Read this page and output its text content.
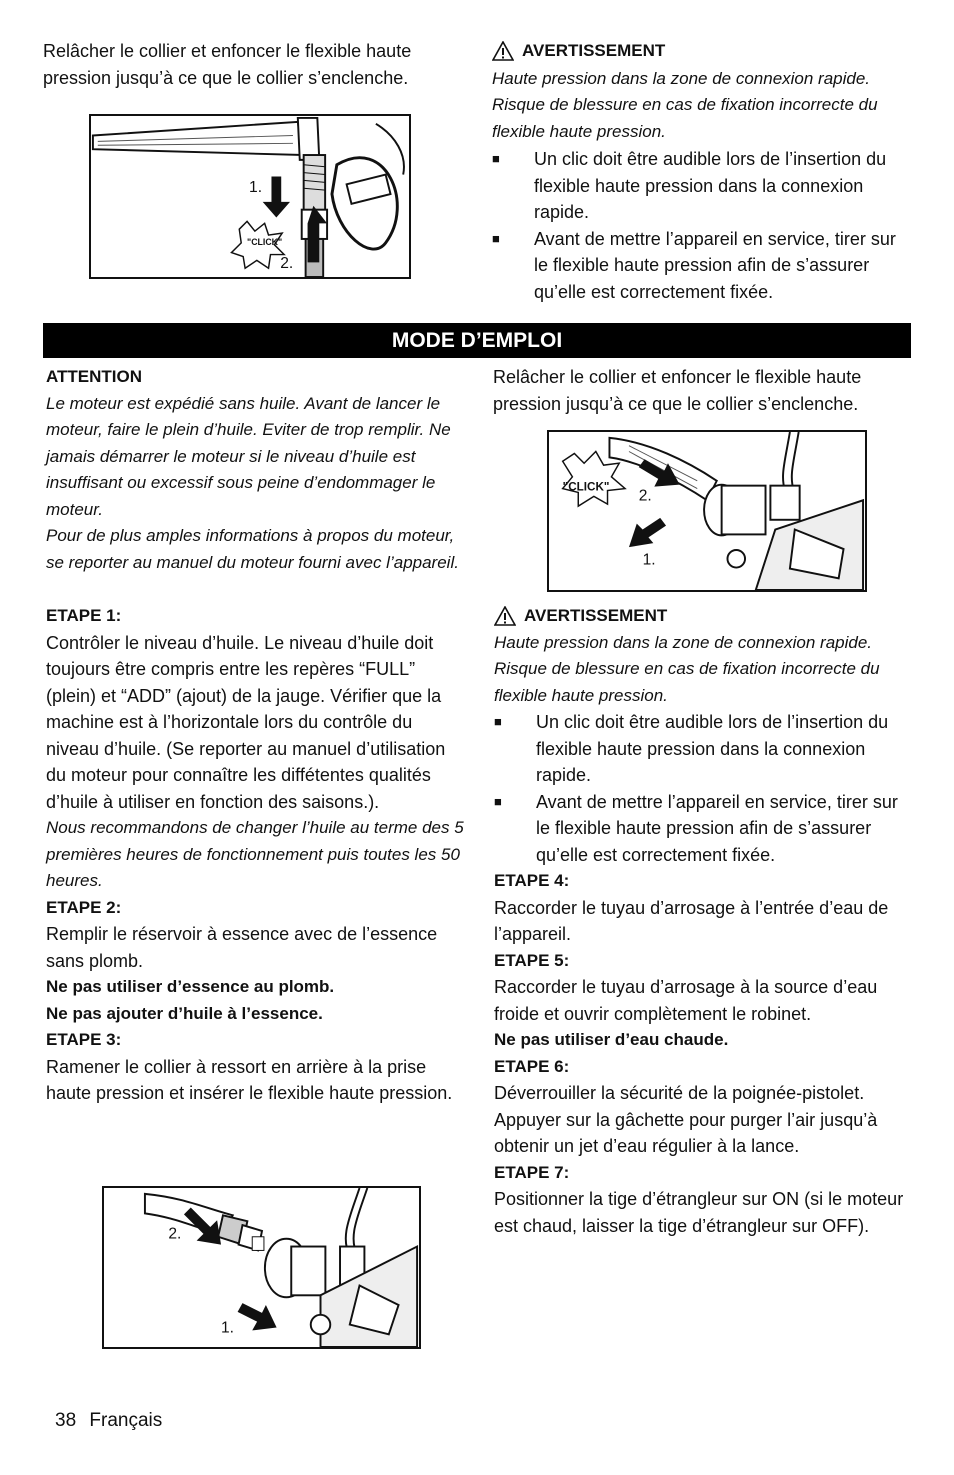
Relâcher le collier et enfoncer le flexible haute pression jusqu’à ce que le collier s’enclenche.

"CLICK"
1.
2.
AVERTISSEMENT

Haute pression dans la zone de connexion rapide. Risque de blessure en cas de fixation incorrecte du flexible haute pression.

■	Un clic doit être audible lors de l’insertion du flexible haute pression dans la connexion rapide.
■	Avant de mettre l’appareil en service, tirer sur le flexible haute pression afin de s’assurer qu’elle est correctement fixée.
MODE D’EMPLOI

ATTENTION

Le moteur est expédié sans huile. Avant de lancer le moteur, faire le plein d’huile. Eviter de trop remplir. Ne jamais démarrer le moteur si le niveau d’huile est insuffisant ou excessif sous peine d’endommager le moteur.

Pour de plus amples informations à propos du moteur, se reporter au manuel du moteur fourni avec l’appareil.

ETAPE 1:

Contrôler le niveau d’huile. Le niveau d’huile doit toujours être compris entre les repères “FULL” (plein) et “ADD” (ajout) de la jauge. Vérifier que la machine est à l’horizontale lors du contrôle du niveau d’huile. (Se reporter au manuel d’utilisation du moteur pour connaître les diffétentes qualités d’huile à utiliser en fonction des saisons.).

Nous recommandons de changer l’huile au terme des 5 premières heures de fonctionnement puis toutes les 50 heures.

ETAPE 2:

Remplir le réservoir à essence avec de l’essence sans plomb.

Ne pas utiliser d’essence au plomb.

Ne pas ajouter d’huile à l’essence.

ETAPE 3:

Ramener le collier à ressort en arrière à la prise haute pression et insérer le flexible haute pression.

2.
1.

Relâcher le collier et enfoncer le flexible haute pression jusqu’à ce que le collier s’enclenche.

"CLICK"
2.
1.
AVERTISSEMENT

Haute pression dans la zone de connexion rapide. Risque de blessure en cas de fixation incorrecte du flexible haute pression.

■	Un clic doit être audible lors de l’insertion du flexible haute pression dans la connexion rapide.
■	Avant de mettre l’appareil en service, tirer sur le flexible haute pression afin de s’assurer qu’elle est correctement fixée.

ETAPE 4:

Raccorder le tuyau d’arrosage à l’entrée d’eau de l’appareil.

ETAPE 5:

Raccorder le tuyau d’arrosage à la source d’eau froide et ouvrir complètement le robinet.

Ne pas utiliser d’eau chaude.

ETAPE 6:

Déverrouiller la sécurité de la poignée-pistolet. Appuyer sur la gâchette pour purger l’air jusqu’à obtenir un jet d’eau régulier à la lance.

ETAPE 7:

Positionner la tige d’étrangleur sur ON (si le moteur est chaud, laisser la tige d’étrangleur sur OFF).

38 Français
